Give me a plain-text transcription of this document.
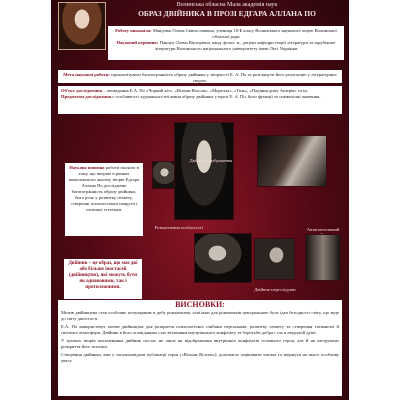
Волинська обласна Мала академія наук
ОБРАЗ ДВІЙНИКА В ПРОЗІ ЕДГАРА АЛЛАНА ПО

Роботу виконала: Мандзюк Олена Святославівна, учениця 10-Б класу Волинського наукового ліцею Волинської обласної ради

Науковий керівник: Панчук Олена Вікторівна, канд. філол. н., доцент кафедри теорії літератури та зарубіжної літератури Волинського національного університету імені Лесі Українки

Мета наукової роботи: проаналізувати багатогранність образу двійника у творчості Е. А. По та розглянути його реалізацію у літературних творах.

Об'єкт дослідження – оповідання Е.А. По «Чорний кіт», «Вільям Вілсон», «Морелла», «Тінь», «Падіння дому Ашерів» та ін.

Предметом дослідження є особливості художнього втілення образу двійника у прозі Е. А. По, його функції та символічні значення.

Наукова новизна роботи полягає в тому, що вперше в рамках комплексного аналізу творів Едгара Аллана По досліджено багатогранність образу двійника, його роль у розвитку сюжету, створенні психологічної напруги і готичної естетики.
Двійник-відображення
Розщеплення особистості	Антагоністичний
Двійник – це образ, що має дві або більше іпостасей (двійництво), які можуть бути як однаковими, так і протилежними.	Двійник-переслідувач
ВИСНОВКИ:

Мотив двійництва став особливо популярним в добу романтизму, оскільки для романтиків центральною була ідея безодності світу, що веде до світу двоїстості.

Е.А. По використовує мотив двійництва для розкриття психологічної глибини персонажів, розвитку сюжету та створення таємничої й гнітючої атмосфери. Двійник в його оповіданнях стає втіленням внутрішнього конфлікту та боротьби добра і зла в людській душі.

У зразках творів письменника двійник постає не лише як відображення внутрішніх конфліктів головного героя, але й як інструмент розкриття його психіки.

Створення двійника, вже у загальновідомі публікації героя («Вільям Вілсон»), допомагає зацікавити читача та звернути на нього особливу увагу.
